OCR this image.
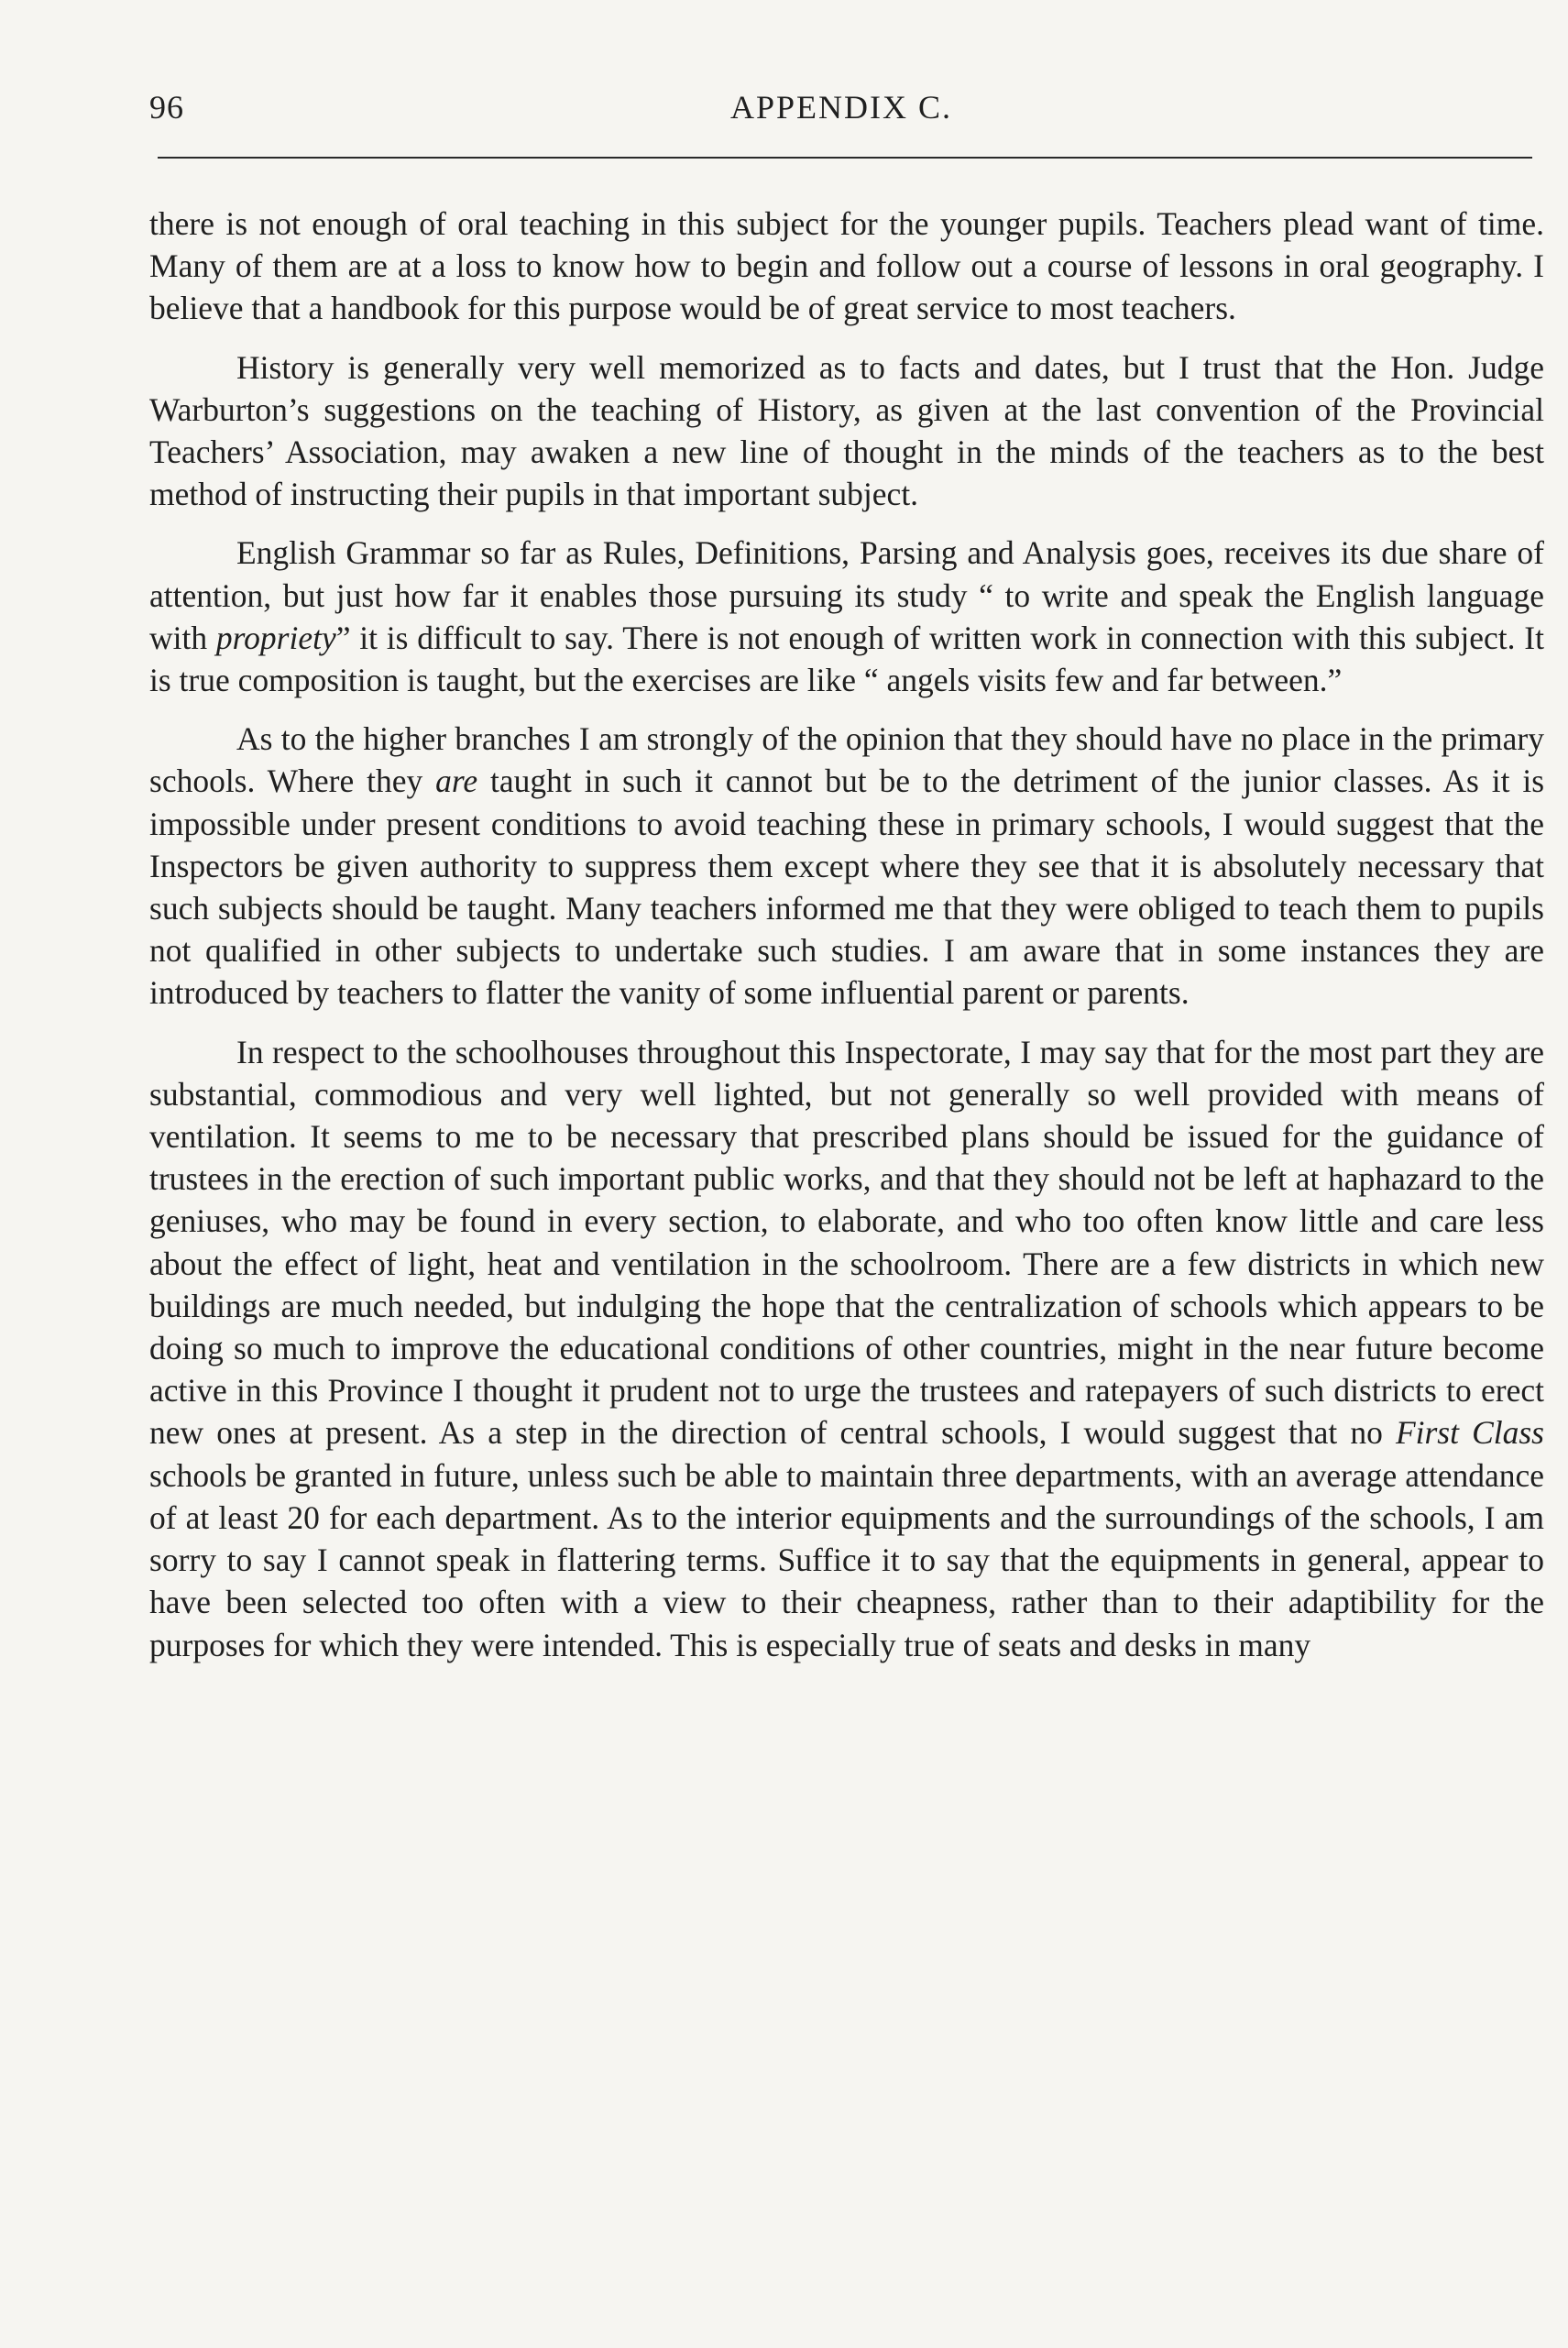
96	APPENDIX C.

there is not enough of oral teaching in this subject for the younger pupils. Teachers plead want of time. Many of them are at a loss to know how to begin and follow out a course of lessons in oral geography. I believe that a handbook for this purpose would be of great service to most teachers.

History is generally very well memorized as to facts and dates, but I trust that the Hon. Judge Warburton’s suggestions on the teaching of History, as given at the last convention of the Provincial Teachers’ Association, may awaken a new line of thought in the minds of the teachers as to the best method of instructing their pupils in that important subject.

English Grammar so far as Rules, Definitions, Parsing and Analysis goes, receives its due share of attention, but just how far it enables those pursuing its study “ to write and speak the English language with propriety” it is difficult to say. There is not enough of written work in connection with this subject. It is true composition is taught, but the exercises are like “ angels visits few and far between.”

As to the higher branches I am strongly of the opinion that they should have no place in the primary schools. Where they are taught in such it cannot but be to the detriment of the junior classes. As it is impossible under present conditions to avoid teaching these in primary schools, I would suggest that the Inspectors be given authority to suppress them except where they see that it is absolutely necessary that such subjects should be taught. Many teachers informed me that they were obliged to teach them to pupils not qualified in other subjects to undertake such studies. I am aware that in some instances they are introduced by teachers to flatter the vanity of some influential parent or parents.

In respect to the schoolhouses throughout this Inspectorate, I may say that for the most part they are substantial, commodious and very well lighted, but not generally so well provided with means of ventilation. It seems to me to be necessary that prescribed plans should be issued for the guidance of trustees in the erection of such important public works, and that they should not be left at haphazard to the geniuses, who may be found in every section, to elaborate, and who too often know little and care less about the effect of light, heat and ventilation in the schoolroom. There are a few districts in which new buildings are much needed, but indulging the hope that the centralization of schools which appears to be doing so much to improve the educational conditions of other countries, might in the near future become active in this Province I thought it prudent not to urge the trustees and ratepayers of such districts to erect new ones at present. As a step in the direction of central schools, I would suggest that no First Class schools be granted in future, unless such be able to maintain three departments, with an average attendance of at least 20 for each department. As to the interior equipments and the surroundings of the schools, I am sorry to say I cannot speak in flattering terms. Suffice it to say that the equipments in general, appear to have been selected too often with a view to their cheapness, rather than to their adaptibility for the purposes for which they were intended. This is especially true of seats and desks in many
